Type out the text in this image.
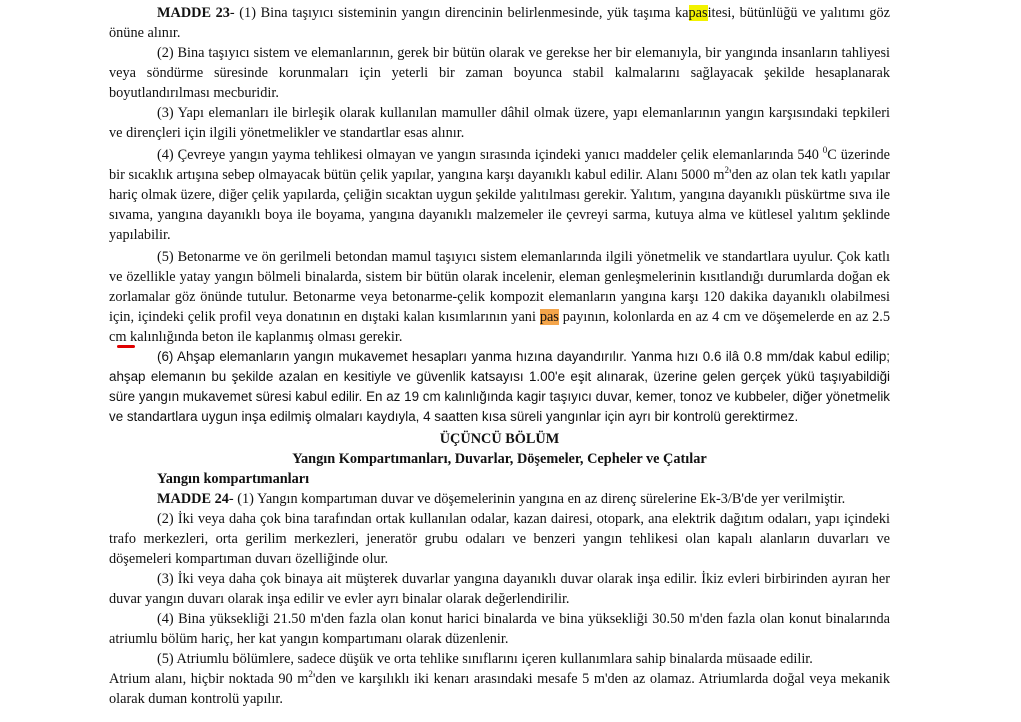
MADDE 23- (1) Bina taşıyıcı sisteminin yangın direncinin belirlenmesinde, yük taşıma kapasitesi, bütünlüğü ve yalıtımı göz önüne alınır.

(2) Bina taşıyıcı sistem ve elemanlarının, gerek bir bütün olarak ve gerekse her bir elemanıyla, bir yangında insanların tahliyesi veya söndürme süresinde korunmaları için yeterli bir zaman boyunca stabil kalmalarını sağlayacak şekilde hesaplanarak boyutlandırılması mecburidir.

(3) Yapı elemanları ile birleşik olarak kullanılan mamuller dâhil olmak üzere, yapı elemanlarının yangın karşısındaki tepkileri ve dirençleri için ilgili yönetmelikler ve standartlar esas alınır.

(4) Çevreye yangın yayma tehlikesi olmayan ve yangın sırasında içindeki yanıcı maddeler çelik elemanlarında 540 $^0$C üzerinde bir sıcaklık artışına sebep olmayacak bütün çelik yapılar, yangına karşı dayanıklı kabul edilir. Alanı 5000 $m^2'den$ az olan tek katlı yapılar hariç olmak üzere, diğer çelik yapılarda, çeliğin sıcaktan uygun şekilde yalıtılması gerekir. Yalıtım, yangına dayanıklı püskürtme sıva ile sıvama, yangına dayanıklı boya ile boyama, yangına dayanıklı malzemeler ile çevreyi sarma, kutuya alma ve kütlesel yalıtım şeklinde yapılabilir.

(5) Betonarme ve ön gerilmeli betondan mamul taşıyıcı sistem elemanlarında ilgili yönetmelik ve standartlara uyulur. Çok katlı ve özellikle yatay yangın bölmeli binalarda, sistem bir bütün olarak incelenir, eleman genleşmelerinin kısıtlandığı durumlarda doğan ek zorlamalar göz önünde tutulur. Betonarme veya betonarme-çelik kompozit elemanların yangına karşı 120 dakika dayanıklı olabilmesi için, içindeki çelik profil veya donatının en dıştaki kalan kısımlarının yani pas payının, kolonlarda en az 4 cm ve döşemelerde en az 2.5 cm kalınlığında beton ile kaplanmış olması gerekir.

(6) Ahşap elemanların yangın mukavemet hesapları yanma hızına dayandırılır. Yanma hızı 0.6 ilâ 0.8 mm/dak kabul edilip; ahşap elemanın bu şekilde azalan en kesitiyle ve güvenlik katsayısı 1.00'e eşit alınarak, üzerine gelen gerçek yükü taşıyabildiği süre yangın mukavemet süresi kabul edilir. En az 19 cm kalınlığında kagir taşıyıcı duvar, kemer, tonoz ve kubbeler, diğer yönetmelik ve standartlara uygun inşa edilmiş olmaları kaydıyla, 4 saatten kısa süreli yangınlar için ayrı bir kontrolü gerektirmez.

ÜÇÜNCÜ BÖLÜM

Yangın Kompartımanları, Duvarlar, Döşemeler, Cepheler ve Çatılar

Yangın kompartımanları

MADDE 24- (1) Yangın kompartıman duvar ve döşemelerinin yangına en az direnç sürelerine Ek-3/B'de yer verilmiştir.

(2) İki veya daha çok bina tarafından ortak kullanılan odalar, kazan dairesi, otopark, ana elektrik dağıtım odaları, yapı içindeki trafo merkezleri, orta gerilim merkezleri, jeneratör grubu odaları ve benzeri yangın tehlikesi olan kapalı alanların duvarları ve döşemeleri kompartıman duvarı özelliğinde olur.

(3) İki veya daha çok binaya ait müşterek duvarlar yangına dayanıklı duvar olarak inşa edilir. İkiz evleri birbirinden ayıran her duvar yangın duvarı olarak inşa edilir ve evler ayrı binalar olarak değerlendirilir.

(4) Bina yüksekliği 21.50 m'den fazla olan konut harici binalarda ve bina yüksekliği 30.50 m'den fazla olan konut binalarında atriumlu bölüm hariç, her kat yangın kompartımanı olarak düzenlenir.

(5) Atriumlu bölümlere, sadece düşük ve orta tehlike sınıflarını içeren kullanımlara sahip binalarda müsaade edilir.

Atrium alanı, hiçbir noktada 90 $m^2'den$ ve karşılıklı iki kenarı arasındaki mesafe 5 m'den az olamaz. Atriumlarda doğal veya mekanik olarak duman kontrolü yapılır.
